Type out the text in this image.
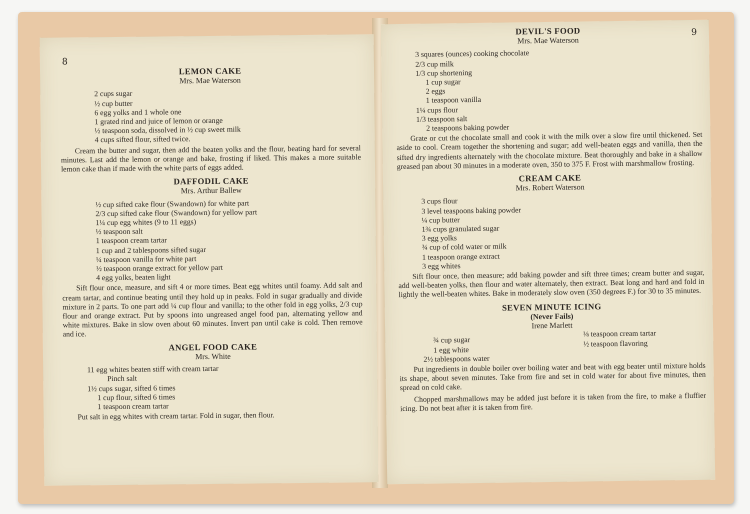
8
LEMON CAKE
Mrs. Mae Waterson
2 cups sugar
½ cup butter
6 egg yolks and 1 whole one
1 grated rind and juice of lemon or orange
½ teaspoon soda, dissolved in ½ cup sweet milk
4 cups sifted flour, sifted twice.

Cream the butter and sugar, then add the beaten yolks and the flour, beating hard for several minutes. Last add the lemon or orange and bake, frosting if liked. This makes a more suitable lemon cake than if made with the white parts of eggs added.

DAFFODIL CAKE
Mrs. Arthur Ballew
½ cup sifted cake flour (Swandown) for white part
2/3 cup sifted cake flour (Swandown) for yellow part
1¼ cup egg whites (9 to 11 eggs)
½ teaspoon salt
1 teaspoon cream tartar
1 cup and 2 tablespoons sifted sugar
¼ teaspoon vanilla for white part
½ teaspoon orange extract for yellow part
4 egg yolks, beaten light

Sift flour once, measure, and sift 4 or more times. Beat egg whites until foamy. Add salt and cream tartar, and continue beating until they hold up in peaks. Fold in sugar gradually and divide mixture in 2 parts. To one part add ¼ cup flour and vanilla; to the other fold in egg yolks, 2/3 cup flour and orange extract. Put by spoons into ungreased angel food pan, alternating yellow and white mixtures. Bake in slow oven about 60 minutes. Invert pan until cake is cold. Then remove and ice.

ANGEL FOOD CAKE
Mrs. White
11 egg whites beaten stiff with cream tartar
Pinch salt
1½ cups sugar, sifted 6 times
1 cup flour, sifted 6 times
1 teaspoon cream tartar

Put salt in egg whites with cream tartar. Fold in sugar, then flour.

9
DEVIL'S FOOD
Mrs. Mae Waterson
3 squares (ounces) cooking chocolate
2/3 cup milk
1/3 cup shortening
1 cup sugar
2 eggs
1 teaspoon vanilla
1¼ cups flour
1/3 teaspoon salt
2 teaspoons baking powder

Grate or cut the chocolate small and cook it with the milk over a slow fire until thickened. Set aside to cool. Cream together the shortening and sugar; add well-beaten eggs and vanilla, then the sifted dry ingredients alternately with the chocolate mixture. Beat thoroughly and bake in a shallow greased pan about 30 minutes in a moderate oven, 350 to 375 F. Frost with marshmallow frosting.

CREAM CAKE
Mrs. Robert Waterson
3 cups flour
3 level teaspoons baking powder
¼ cup butter
1¾ cups granulated sugar
3 egg yolks
¾ cup of cold water or milk
1 teaspoon orange extract
3 egg whites

Sift flour once, then measure; add baking powder and sift three times; cream butter and sugar, add well-beaten yolks, then flour and water alternately, then extract. Beat long and hard and fold in lightly the well-beaten whites. Bake in moderately slow oven (350 degrees F.) for 30 to 35 minutes.

SEVEN MINUTE ICING
(Never Fails)
Irene Marlett
¾ cup sugar
1 egg white
2½ tablespoons water
⅛ teaspoon cream tartar
½ teaspoon flavoring

Put ingredients in double boiler over boiling water and beat with egg beater until mixture holds its shape, about seven minutes. Take from fire and set in cold water for about five minutes, then spread on cold cake.

Chopped marshmallows may be added just before it is taken from the fire, to make a fluffier icing. Do not beat after it is taken from fire.
